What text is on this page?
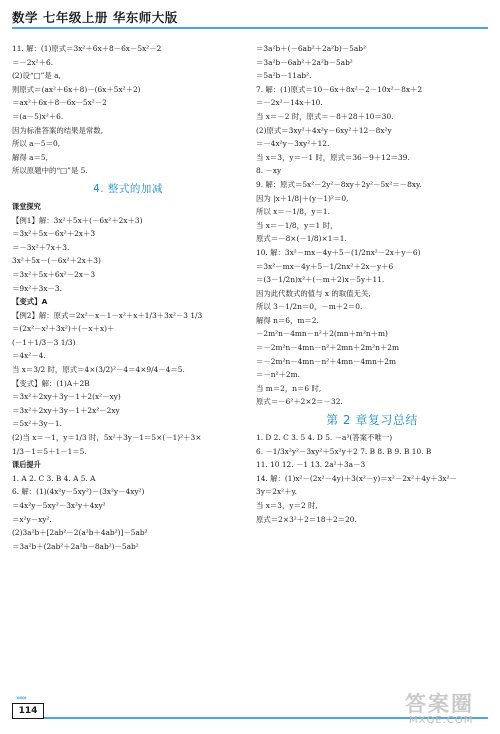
数学 七年级上册 华东师大版
11. 解：(1)原式＝3x²＋6x＋8－6x－5x²－2
＝－2x²＋6.
(2)设“□”是 a,
则原式＝(ax²＋6x＋8)－(6x＋5x²＋2)
＝ax²＋6x＋8－6x－5x²－2
＝(a－5)x²＋6.
因为标准答案的结果是常数,
所以 a－5＝0,
解得 a＝5,
所以原题中的“□”是 5.
4. 整式的加减
课堂探究
【例1】解：3x²＋5x＋(－6x²＋2x＋3)
＝3x²＋5x－6x²＋2x＋3
＝－3x²＋7x＋3.
3x²＋5x－(－6x²＋2x＋3)
＝3x²＋5x＋6x²－2x－3
＝9x²＋3x－3.
【变式】A
【例2】解：原式＝2x²－x－1－x²＋x＋1/3＋3x²－3 1/3
＝(2x²－x²＋3x²)＋(－x＋x)＋
(－1＋1/3－3 1/3)
＝4x²－4.
当 x＝3/2 时，原式＝4×(3/2)²－4＝4×9/4－4＝5.
【变式】解：(1)A＋2B
＝3x²＋2xy＋3y－1＋2(x²－xy)
＝3x²＋2xy＋3y－1＋2x²－2xy
＝5x²＋3y－1.
(2)当 x＝－1，y＝1/3 时，5x²＋3y－1＝5×(－1)²＋3×
1/3－1＝5＋1－1＝5.
课后提升
1. A 2. C 3. B 4. A 5. A
6. 解：(1)(4x²y－5xy²)－(3x²y－4xy²)
＝4x²y－5xy²－3x²y＋4xy²
＝x²y－xy².
(2)3a²b＋[2ab²－2(a²b＋4ab²)]－5ab²
＝3a²b＋(2ab²＋2a²b－8ab²)－5ab²
＝3a²b＋(－6ab²＋2a²b)－5ab²
＝3a²b－6ab²＋2a²b－5ab²
＝5a²b－11ab².
7. 解：(1)原式＝10－6x＋8x²－2－10x²－8x＋2
＝－2x²－14x＋10.
当 x＝－2 时，原式＝－8＋28＋10＝30.
(2)原式＝3xy²＋4x²y－6xy²＋12－8x²y
＝－4x²y－3xy²＋12.
当 x＝3，y＝－1 时，原式＝36－9＋12＝39.
8. －xy
9. 解：原式＝5x²－2y²－8xy＋2y²－5x²＝－8xy.
因为 |x＋1/8|＋(y－1)²＝0,
所以 x＝－1/8，y＝1.
当 x＝－1/8，y＝1 时，
原式＝－8×(－1/8)×1＝1.
10. 解：3x²－mx－4y＋5－(1/2nx²－2x＋y－6)
＝3x²－mx－4y＋5－1/2nx²＋2x－y＋6
＝(3－1/2n)x²＋(－m＋2)x－5y＋11.
因为此代数式的值与 x 的取值无关,
所以 3－1/2n＝0，－m＋2＝0.
解得 n＝6，m＝2.
－2m²n－4mn－n²＋2(mn＋m²n＋m)
＝－2m²n－4mn－n²＋2mn＋2m²n＋2m
＝－2m²n－4mn－n²＋4mn－4mn＋2m
＝－n²＋2m.
当 m＝2，n＝6 时,
原式＝－6²＋2×2＝－32.
第 2 章复习总结
1. D 2. C 3. 5 4. D 5. －a³(答案不唯一)
6. －1/3x²y²－3xy²＋5x²y＋2 7. B 8. B 9. B 10. B
11. 10 12. －1 13. 2a²＋3a－3
14. 解：(1)x²－(2x²－4y)＋3(x²－y)＝x²－2x²＋4y＋3x²－
3y＝2x²＋y.
当 x＝3，y＝2 时,
原式＝2×3²＋2＝18＋2＝20.
»»»
114	答案圈
MXQE.COM
